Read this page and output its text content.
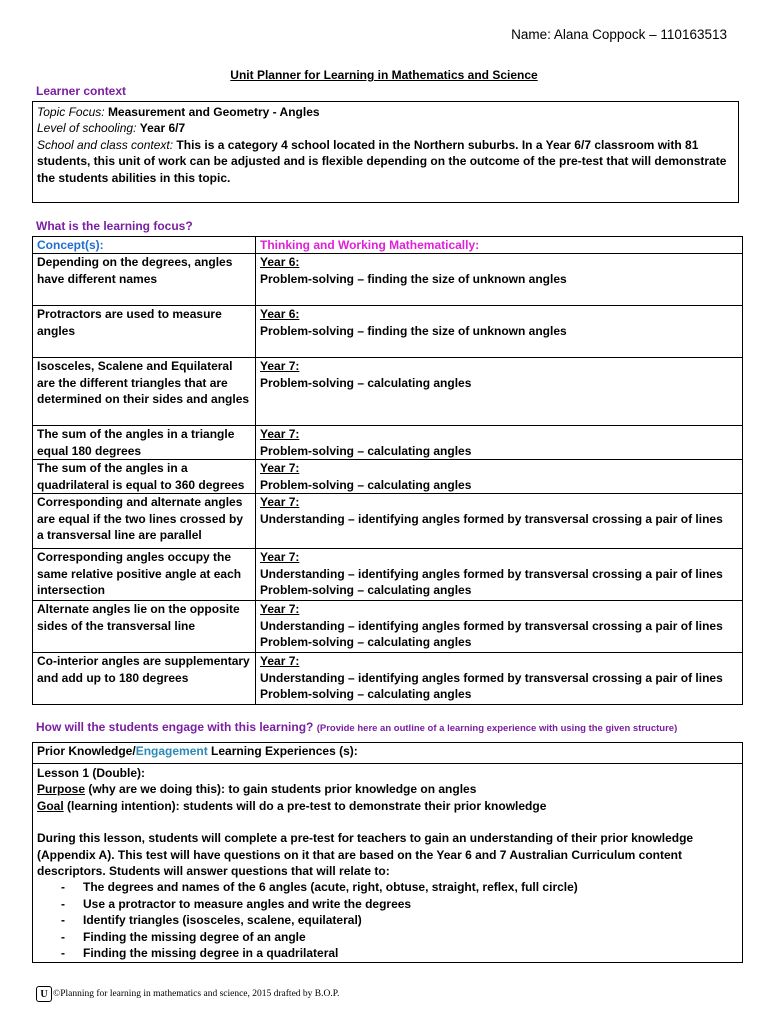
Name: Alana Coppock – 110163513
Unit Planner for Learning in Mathematics and Science
Learner context
Topic Focus: Measurement and Geometry - Angles
Level of schooling: Year 6/7
School and class context: This is a category 4 school located in the Northern suburbs. In a Year 6/7 classroom with 81 students, this unit of work can be adjusted and is flexible depending on the outcome of the pre-test that will demonstrate the students abilities in this topic.
What is the learning focus?
Concept(s):	Thinking and Working Mathematically:
Depending on the degrees, angles have different names	Year 6:
Problem-solving – finding the size of unknown angles

Protractors are used to measure angles	Year 6:
Problem-solving – finding the size of unknown angles

Isosceles, Scalene and Equilateral are the different triangles that are determined on their sides and angles	Year 7:
Problem-solving – calculating angles

The sum of the angles in a triangle equal 180 degrees	Year 7:
Problem-solving – calculating angles

The sum of the angles in a quadrilateral is equal to 360 degrees	Year 7:
Problem-solving – calculating angles

Corresponding and alternate angles are equal if the two lines crossed by a transversal line are parallel	Year 7:
Understanding – identifying angles formed by transversal crossing a pair of lines

Corresponding angles occupy the same relative positive angle at each intersection	Year 7:
Understanding – identifying angles formed by transversal crossing a pair of lines
Problem-solving – calculating angles

Alternate angles lie on the opposite sides of the transversal line	Year 7:
Understanding – identifying angles formed by transversal crossing a pair of lines
Problem-solving – calculating angles

Co-interior angles are supplementary and add up to 180 degrees	Year 7:
Understanding – identifying angles formed by transversal crossing a pair of lines
Problem-solving – calculating angles
How will the students engage with this learning? (Provide here an outline of a learning experience with using the given structure)
Prior Knowledge/Engagement Learning Experiences (s):
Lesson 1 (Double):
Purpose (why are we doing this): to gain students prior knowledge on angles
Goal (learning intention): students will do a pre-test to demonstrate their prior knowledge
During this lesson, students will complete a pre-test for teachers to gain an understanding of their prior knowledge (Appendix A). This test will have questions on it that are based on the Year 6 and 7 Australian Curriculum content descriptors. Students will answer questions that will relate to:
- The degrees and names of the 6 angles (acute, right, obtuse, straight, reflex, full circle)
- Use a protractor to measure angles and write the degrees
- Identify triangles (isosceles, scalene, equilateral)
- Finding the missing degree of an angle
- Finding the missing degree in a quadrilateral
U ©Planning for learning in mathematics and science, 2015 drafted by B.O.P.
